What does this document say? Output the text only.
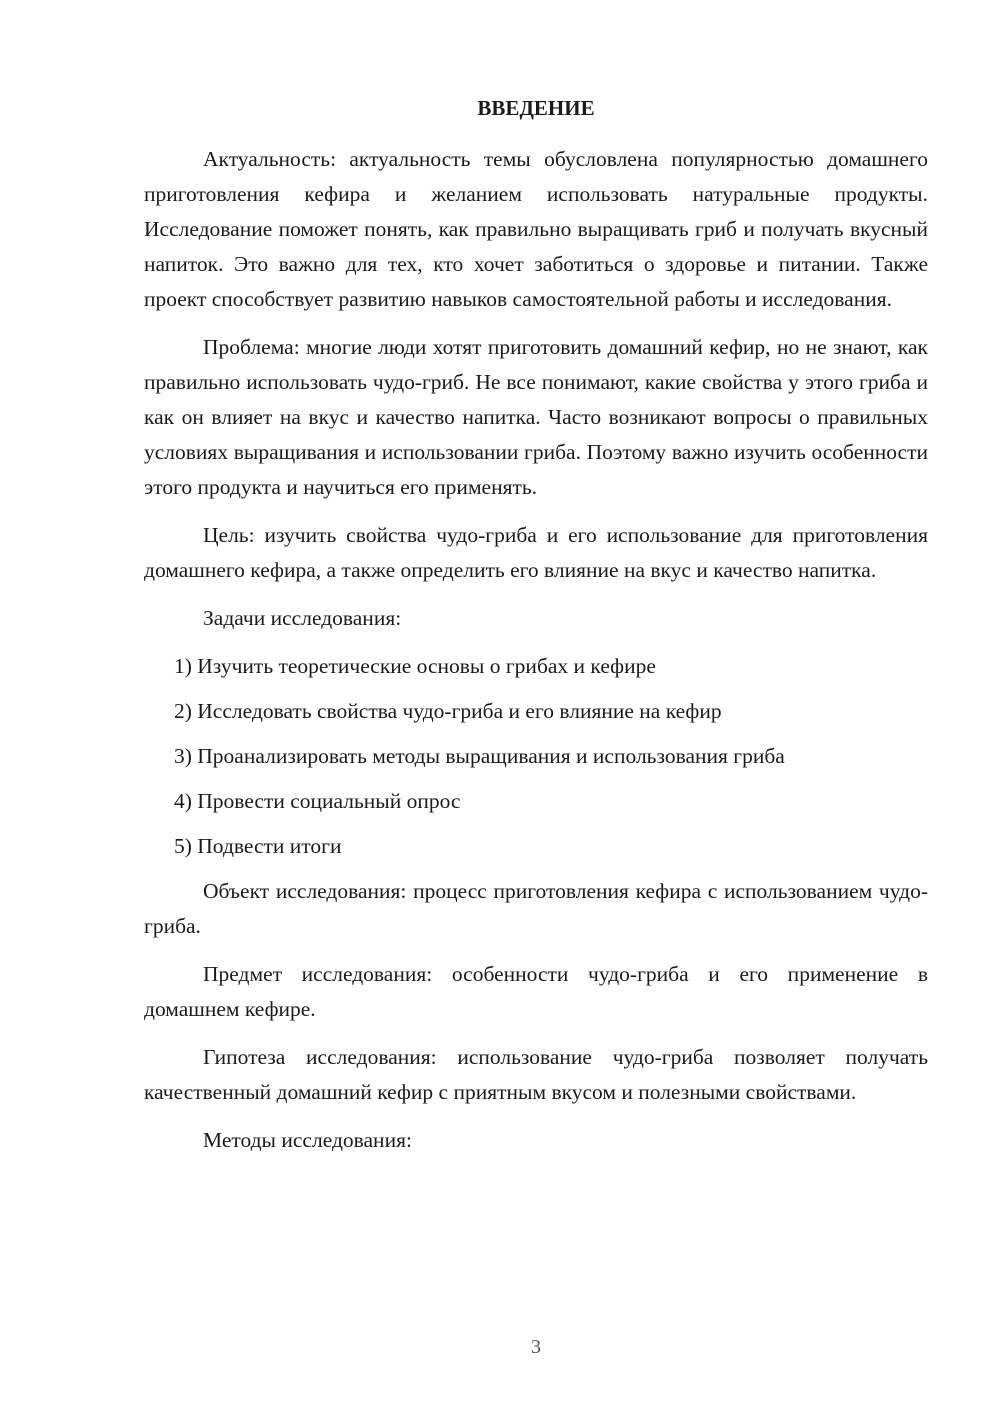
ВВЕДЕНИЕ

Актуальность: актуальность темы обусловлена популярностью домашнего приготовления кефира и желанием использовать натуральные продукты. Исследование поможет понять, как правильно выращивать гриб и получать вкусный напиток. Это важно для тех, кто хочет заботиться о здоровье и питании. Также проект способствует развитию навыков самостоятельной работы и исследования.

Проблема: многие люди хотят приготовить домашний кефир, но не знают, как правильно использовать чудо-гриб. Не все понимают, какие свойства у этого гриба и как он влияет на вкус и качество напитка. Часто возникают вопросы о правильных условиях выращивания и использовании гриба. Поэтому важно изучить особенности этого продукта и научиться его применять.

Цель: изучить свойства чудо-гриба и его использование для приготовления домашнего кефира, а также определить его влияние на вкус и качество напитка.

Задачи исследования:

1) Изучить теоретические основы о грибах и кефире
2) Исследовать свойства чудо-гриба и его влияние на кефир
3) Проанализировать методы выращивания и использования гриба
4) Провести социальный опрос
5) Подвести итоги

Объект исследования: процесс приготовления кефира с использованием чудо-гриба.

Предмет исследования: особенности чудо-гриба и его применение в домашнем кефире.

Гипотеза исследования: использование чудо-гриба позволяет получать качественный домашний кефир с приятным вкусом и полезными свойствами.

Методы исследования:

3
